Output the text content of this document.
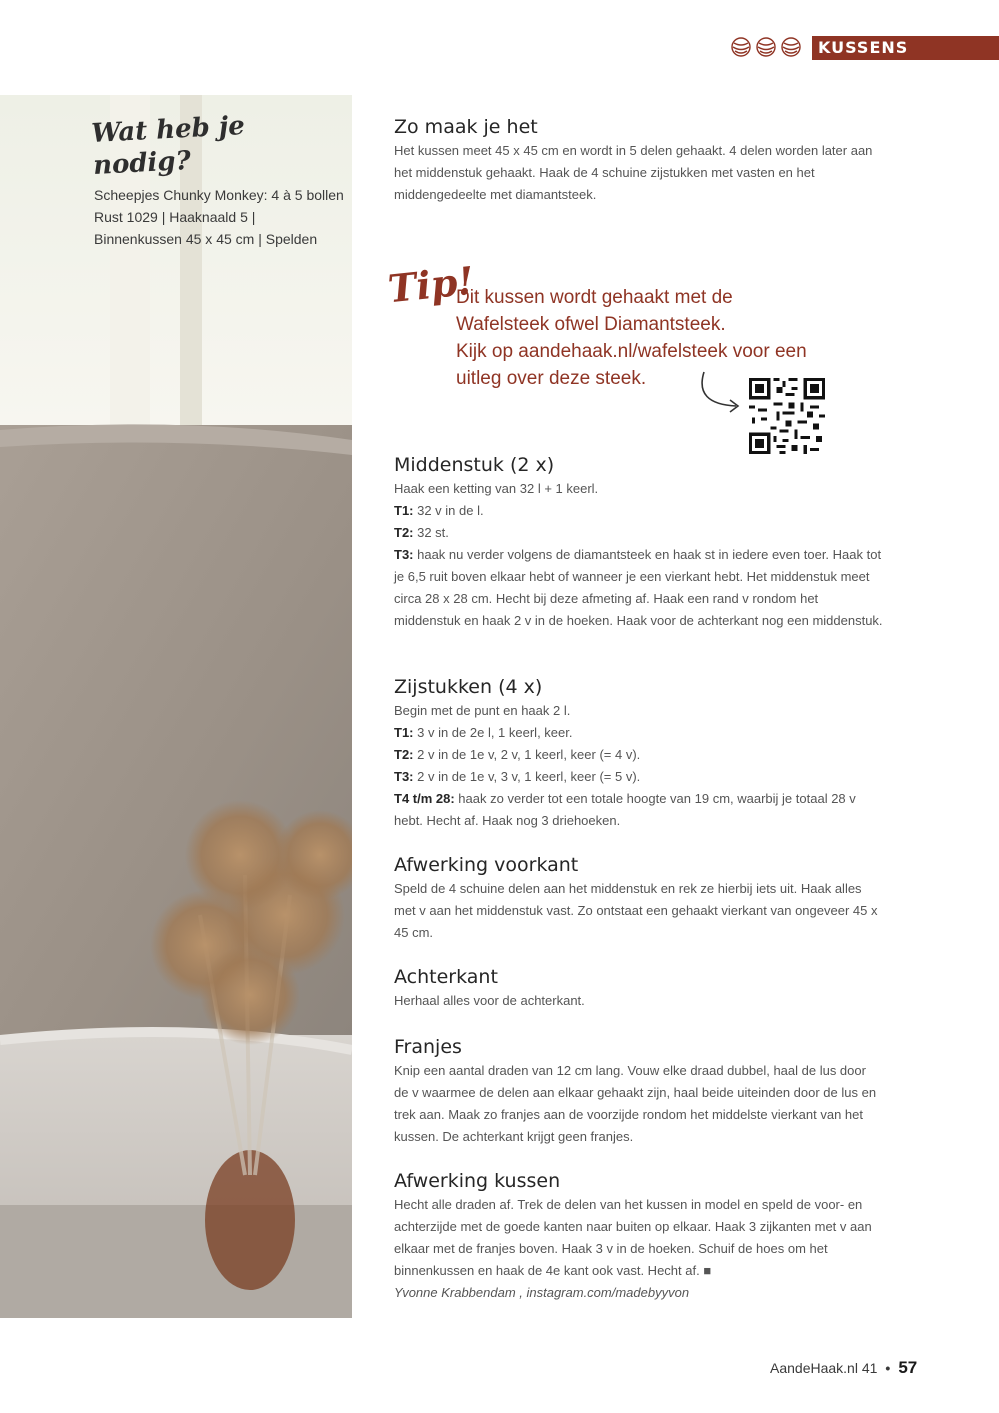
KUSSENS
Wat heb je nodig?

Scheepjes Chunky Monkey: 4 à 5 bollen Rust 1029 | Haaknaald 5 | Binnenkussen 45 x 45 cm | Spelden

Zo maak je het

Het kussen meet 45 x 45 cm en wordt in 5 delen gehaakt. 4 delen worden later aan het middenstuk gehaakt. Haak de 4 schuine zijstukken met vasten en het middengedeelte met diamantsteek.

Tip!

Dit kussen wordt gehaakt met de
Wafelsteek ofwel Diamantsteek.
Kijk op aandehaak.nl/wafelsteek voor een
uitleg over deze steek.

Middenstuk (2 x)

Haak een ketting van 32 l + 1 keerl.

T1: 32 v in de l.

T2: 32 st.

T3: haak nu verder volgens de diamantsteek en haak st in iedere even toer. Haak tot je 6,5 ruit boven elkaar hebt of wanneer je een vierkant hebt. Het middenstuk meet circa 28 x 28 cm. Hecht bij deze afmeting af. Haak een rand v rondom het middenstuk en haak 2 v in de hoeken. Haak voor de achterkant nog een middenstuk.

Zijstukken (4 x)

Begin met de punt en haak 2 l.

T1: 3 v in de 2e l, 1 keerl, keer.

T2: 2 v in de 1e v, 2 v, 1 keerl, keer (= 4 v).

T3: 2 v in de 1e v, 3 v, 1 keerl, keer (= 5 v).

T4 t/m 28: haak zo verder tot een totale hoogte van 19 cm, waarbij je totaal 28 v hebt. Hecht af. Haak nog 3 driehoeken.

Afwerking voorkant

Speld de 4 schuine delen aan het middenstuk en rek ze hierbij iets uit. Haak alles met v aan het middenstuk vast. Zo ontstaat een gehaakt vierkant van ongeveer 45 x 45 cm.

Achterkant

Herhaal alles voor de achterkant.

Franjes

Knip een aantal draden van 12 cm lang. Vouw elke draad dubbel, haal de lus door de v waarmee de delen aan elkaar gehaakt zijn, haal beide uiteinden door de lus en trek aan. Maak zo franjes aan de voorzijde rondom het middelste vierkant van het kussen. De achterkant krijgt geen franjes.

Afwerking kussen

Hecht alle draden af. Trek de delen van het kussen in model en speld de voor- en achterzijde met de goede kanten naar buiten op elkaar. Haak 3 zijkanten met v aan elkaar met de franjes boven. Haak 3 v in de hoeken. Schuif de hoes om het binnenkussen en haak de 4e kant ook vast. Hecht af. ■

Yvonne Krabbendam , instagram.com/madebyyvon

AandeHaak.nl 41 • 57
